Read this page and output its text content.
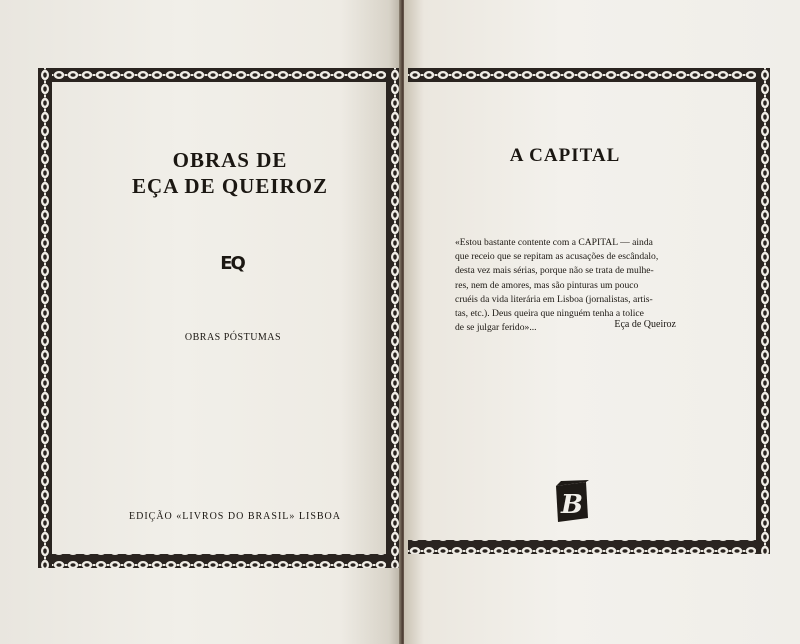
OBRAS DE
EÇA DE QUEIROZ
EQ
OBRAS PÓSTUMAS
EDIÇÃO «LIVROS DO BRASIL» LISBOA
A CAPITAL
«Estou bastante contente com a CAPITAL — ainda
que receio que se repitam as acusações de escândalo,
desta vez mais sérias, porque não se trata de mulhe-
res, nem de amores, mas são pinturas um pouco
cruéis da vida literária em Lisboa (jornalistas, artis-
tas, etc.). Deus queira que ninguém tenha a tolice
de se julgar ferido»...	Eça de Queiroz
B
